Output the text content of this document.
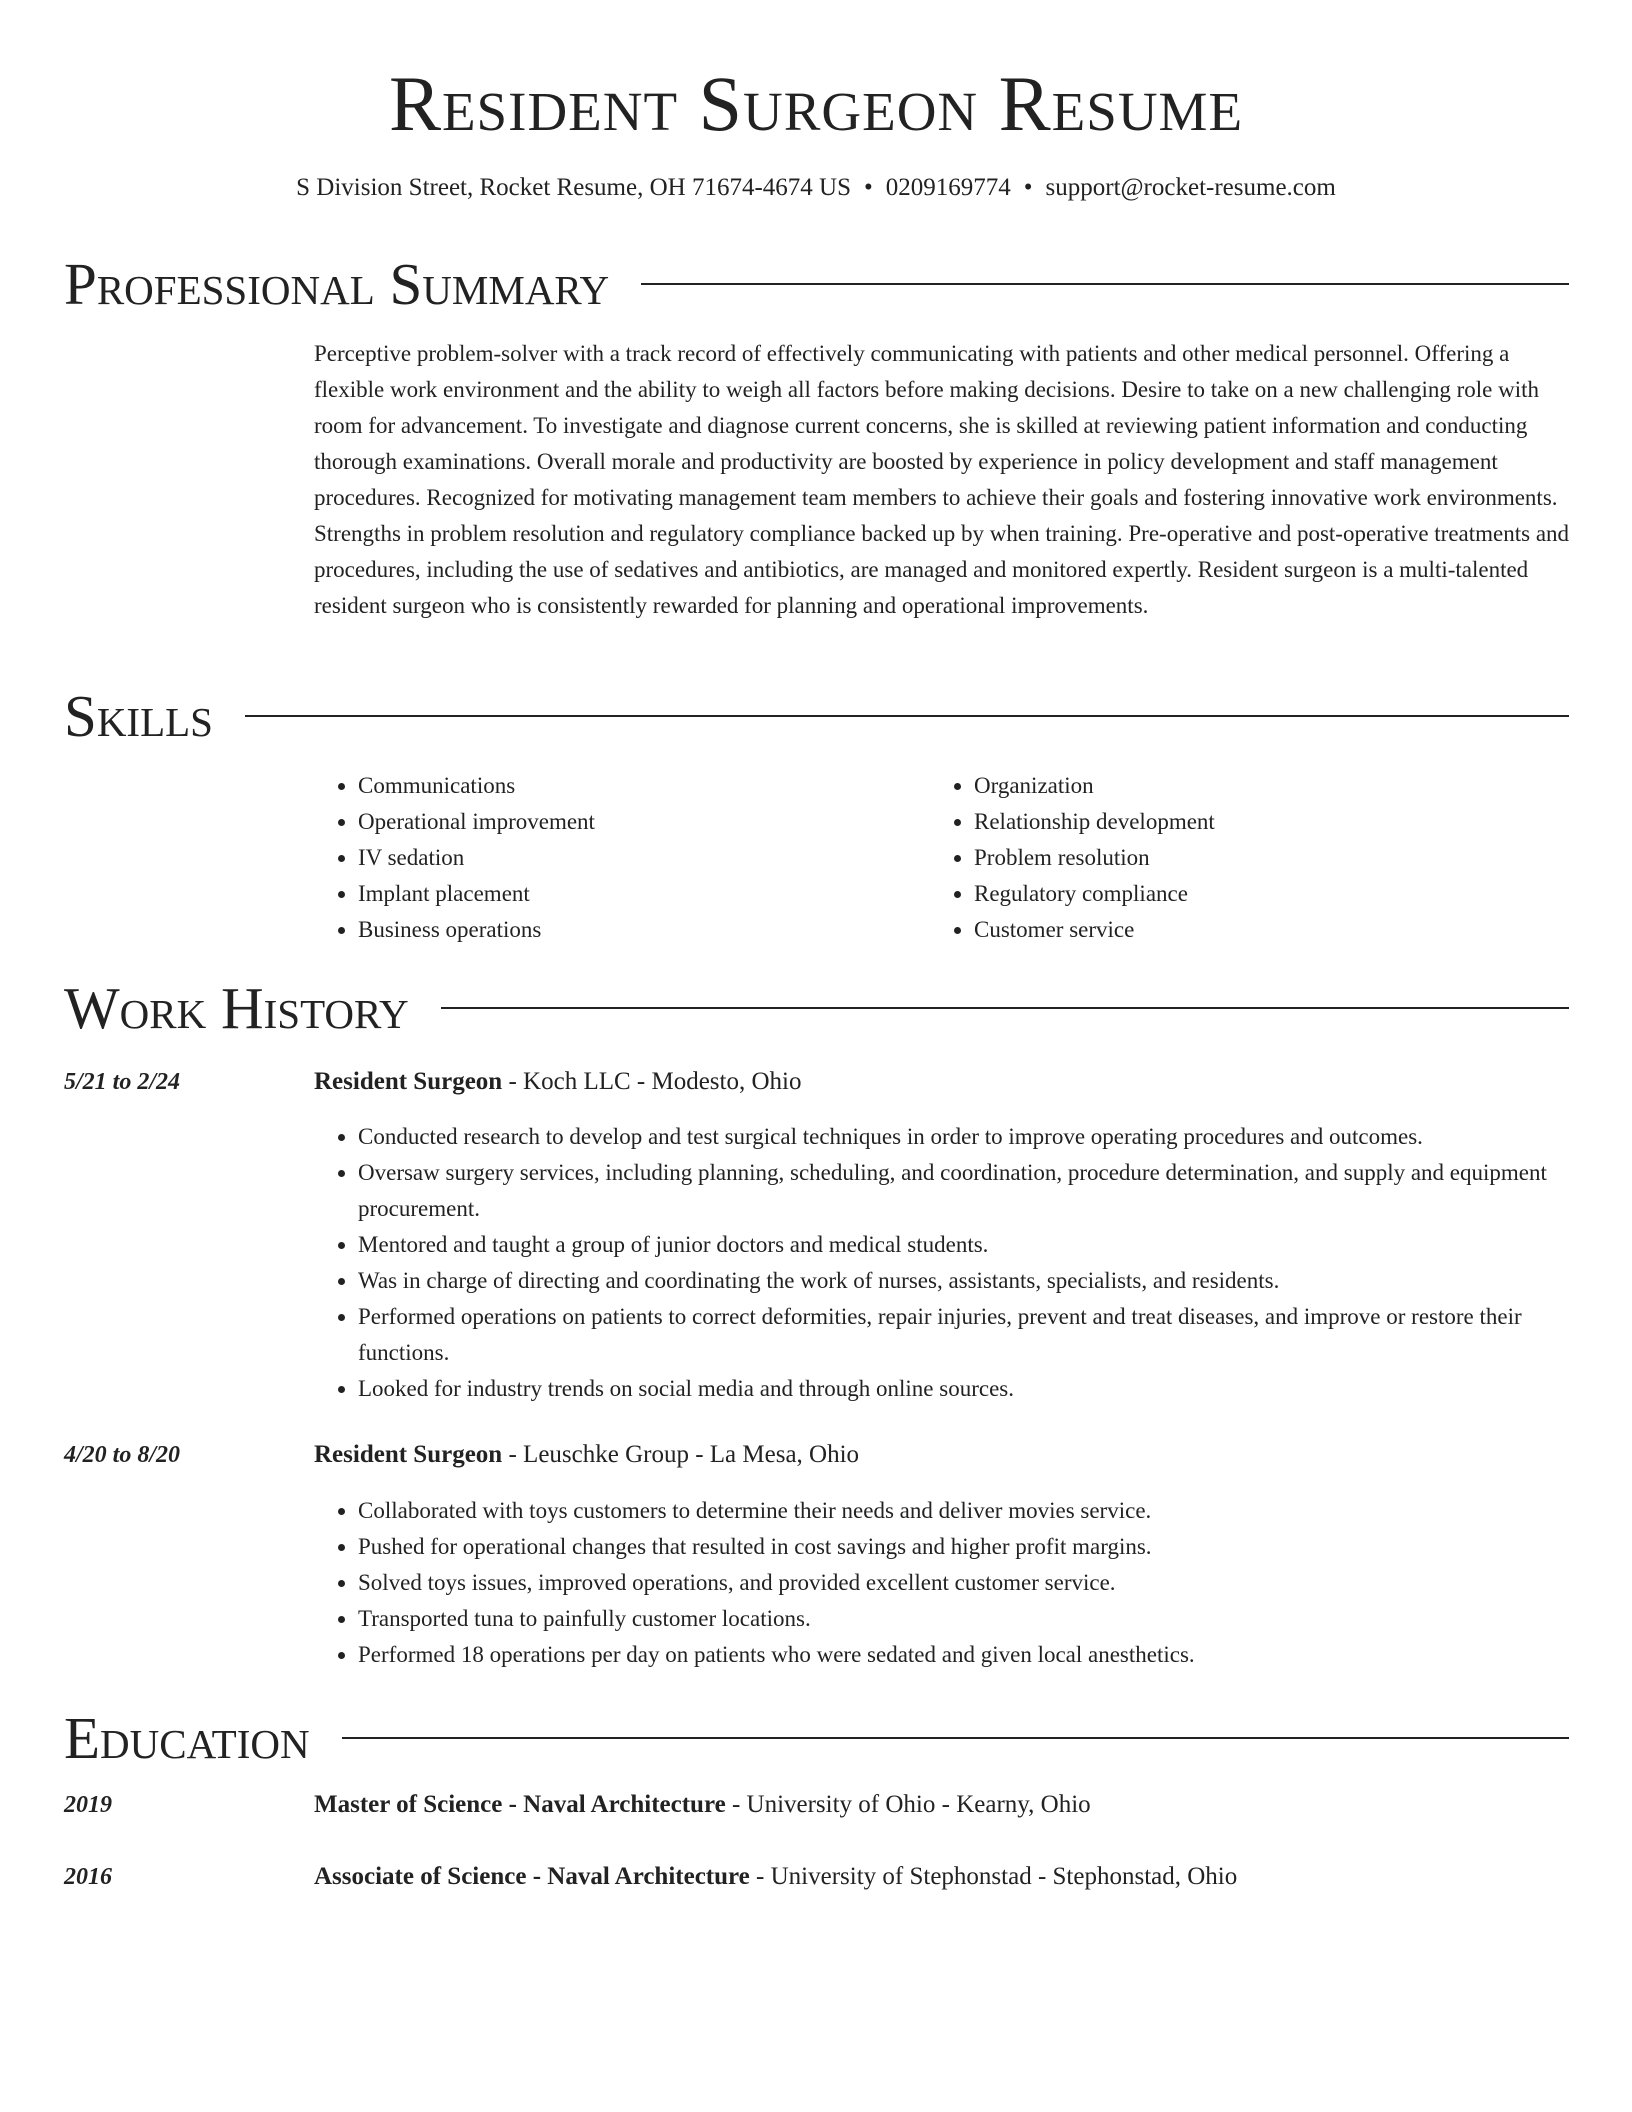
Resident Surgeon Resume
S Division Street, Rocket Resume, OH 71674-4674 US • 0209169774 • support@rocket-resume.com
Professional Summary
Perceptive problem-solver with a track record of effectively communicating with patients and other medical personnel. Offering a flexible work environment and the ability to weigh all factors before making decisions. Desire to take on a new challenging role with room for advancement. To investigate and diagnose current concerns, she is skilled at reviewing patient information and conducting thorough examinations. Overall morale and productivity are boosted by experience in policy development and staff management procedures. Recognized for motivating management team members to achieve their goals and fostering innovative work environments. Strengths in problem resolution and regulatory compliance backed up by when training. Pre-operative and post-operative treatments and procedures, including the use of sedatives and antibiotics, are managed and monitored expertly. Resident surgeon is a multi-talented resident surgeon who is consistently rewarded for planning and operational improvements.
Skills
• Communications
• Operational improvement
• IV sedation
• Implant placement
• Business operations
• Organization
• Relationship development
• Problem resolution
• Regulatory compliance
• Customer service
Work History
5/21 to 2/24	Resident Surgeon - Koch LLC - Modesto, Ohio
• Conducted research to develop and test surgical techniques in order to improve operating procedures and outcomes.
• Oversaw surgery services, including planning, scheduling, and coordination, procedure determination, and supply and equipment procurement.
• Mentored and taught a group of junior doctors and medical students.
• Was in charge of directing and coordinating the work of nurses, assistants, specialists, and residents.
• Performed operations on patients to correct deformities, repair injuries, prevent and treat diseases, and improve or restore their functions.
• Looked for industry trends on social media and through online sources.
4/20 to 8/20	Resident Surgeon - Leuschke Group - La Mesa, Ohio
• Collaborated with toys customers to determine their needs and deliver movies service.
• Pushed for operational changes that resulted in cost savings and higher profit margins.
• Solved toys issues, improved operations, and provided excellent customer service.
• Transported tuna to painfully customer locations.
• Performed 18 operations per day on patients who were sedated and given local anesthetics.
Education
2019	Master of Science - Naval Architecture - University of Ohio - Kearny, Ohio
2016	Associate of Science - Naval Architecture - University of Stephonstad - Stephonstad, Ohio
